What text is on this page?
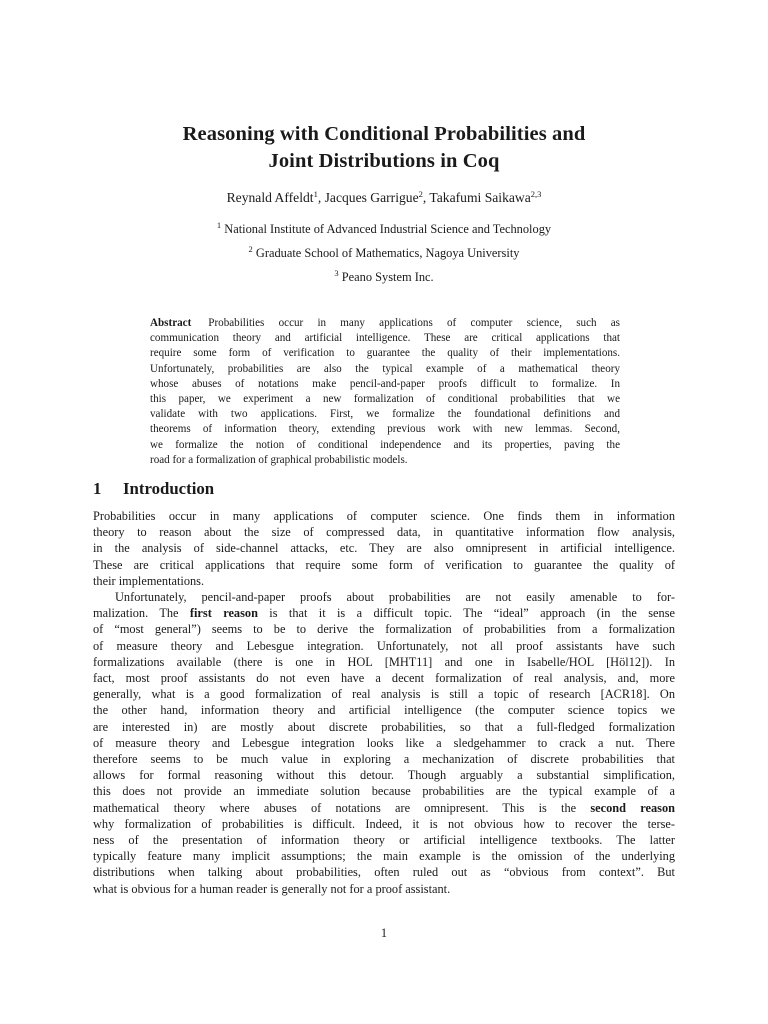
Reasoning with Conditional Probabilities and
Joint Distributions in Coq
Reynald Affeldt$^1$, Jacques Garrigue$^2$, Takafumi Saikawa$^{2,3}$
$^1$ National Institute of Advanced Industrial Science and Technology
$^2$ Graduate School of Mathematics, Nagoya University
$^3$ Peano System Inc.
Abstract Probabilities occur in many applications of computer science, such as
communication theory and artificial intelligence. These are critical applications that
require some form of verification to guarantee the quality of their implementations.
Unfortunately, probabilities are also the typical example of a mathematical theory
whose abuses of notations make pencil-and-paper proofs difficult to formalize. In
this paper, we experiment a new formalization of conditional probabilities that we
validate with two applications. First, we formalize the foundational definitions and
theorems of information theory, extending previous work with new lemmas. Second,
we formalize the notion of conditional independence and its properties, paving the
road for a formalization of graphical probabilistic models.
1 Introduction
Probabilities occur in many applications of computer science. One finds them in information
theory to reason about the size of compressed data, in quantitative information flow analysis,
in the analysis of side-channel attacks, etc. They are also omnipresent in artificial intelligence.
These are critical applications that require some form of verification to guarantee the quality of
their implementations.
Unfortunately, pencil-and-paper proofs about probabilities are not easily amenable to for-
malization. The first reason is that it is a difficult topic. The “ideal” approach (in the sense
of “most general”) seems to be to derive the formalization of probabilities from a formalization
of measure theory and Lebesgue integration. Unfortunately, not all proof assistants have such
formalizations available (there is one in HOL [MHT11] and one in Isabelle/HOL [Höl12]). In
fact, most proof assistants do not even have a decent formalization of real analysis, and, more
generally, what is a good formalization of real analysis is still a topic of research [ACR18]. On
the other hand, information theory and artificial intelligence (the computer science topics we
are interested in) are mostly about discrete probabilities, so that a full-fledged formalization
of measure theory and Lebesgue integration looks like a sledgehammer to crack a nut. There
therefore seems to be much value in exploring a mechanization of discrete probabilities that
allows for formal reasoning without this detour. Though arguably a substantial simplification,
this does not provide an immediate solution because probabilities are the typical example of a
mathematical theory where abuses of notations are omnipresent. This is the second reason
why formalization of probabilities is difficult. Indeed, it is not obvious how to recover the terse-
ness of the presentation of information theory or artificial intelligence textbooks. The latter
typically feature many implicit assumptions; the main example is the omission of the underlying
distributions when talking about probabilities, often ruled out as “obvious from context”. But
what is obvious for a human reader is generally not for a proof assistant.
1
